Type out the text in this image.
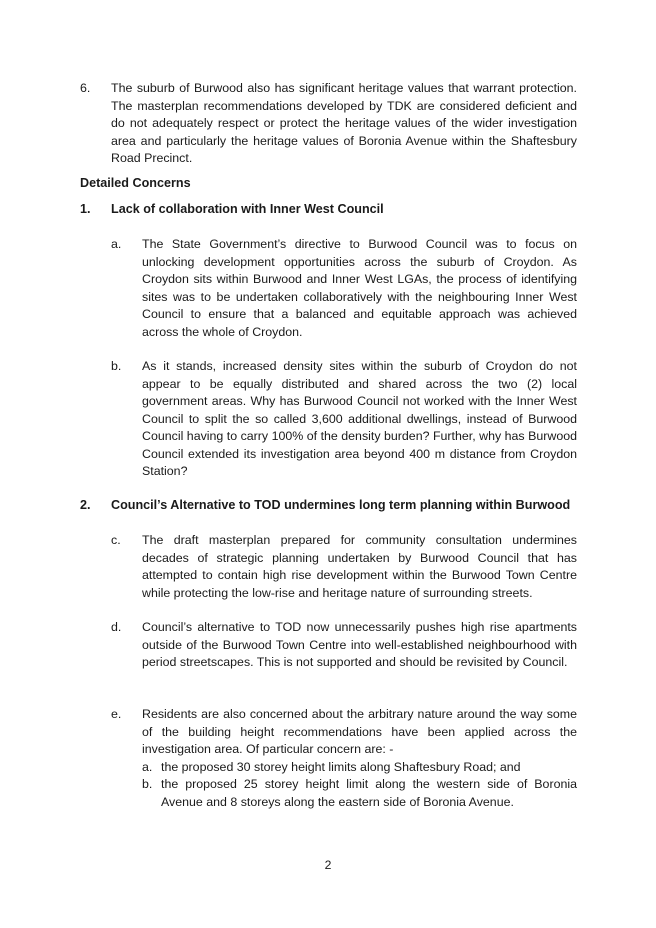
6. The suburb of Burwood also has significant heritage values that warrant protection. The masterplan recommendations developed by TDK are considered deficient and do not adequately respect or protect the heritage values of the wider investigation area and particularly the heritage values of Boronia Avenue within the Shaftesbury Road Precinct.
Detailed Concerns
1. Lack of collaboration with Inner West Council
a. The State Government’s directive to Burwood Council was to focus on unlocking development opportunities across the suburb of Croydon. As Croydon sits within Burwood and Inner West LGAs, the process of identifying sites was to be undertaken collaboratively with the neighbouring Inner West Council to ensure that a balanced and equitable approach was achieved across the whole of Croydon.
b. As it stands, increased density sites within the suburb of Croydon do not appear to be equally distributed and shared across the two (2) local government areas. Why has Burwood Council not worked with the Inner West Council to split the so called 3,600 additional dwellings, instead of Burwood Council having to carry 100% of the density burden? Further, why has Burwood Council extended its investigation area beyond 400 m distance from Croydon Station?
2. Council’s Alternative to TOD undermines long term planning within Burwood
c. The draft masterplan prepared for community consultation undermines decades of strategic planning undertaken by Burwood Council that has attempted to contain high rise development within the Burwood Town Centre while protecting the low-rise and heritage nature of surrounding streets.
d. Council’s alternative to TOD now unnecessarily pushes high rise apartments outside of the Burwood Town Centre into well-established neighbourhood with period streetscapes. This is not supported and should be revisited by Council.
e. Residents are also concerned about the arbitrary nature around the way some of the building height recommendations have been applied across the investigation area. Of particular concern are: -
a. the proposed 30 storey height limits along Shaftesbury Road; and
b. the proposed 25 storey height limit along the western side of Boronia Avenue and 8 storeys along the eastern side of Boronia Avenue.
2
